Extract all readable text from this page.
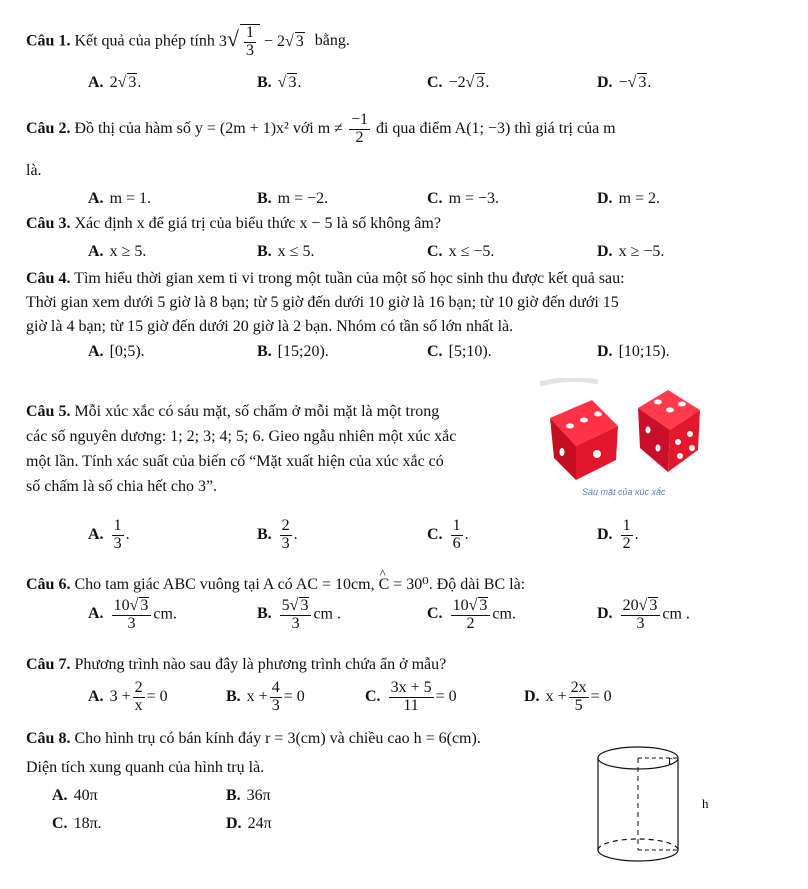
Câu 1. Kết quả của phép tính $3√ \frac{1}{3} - 2√$ 3 bằng.
A. 2√ 3.	B. √ 3.	C. −2√ 3.	D. −√ 3.
Câu 2. Đồ thị của hàm số y = (2m + 1)x² với $m \ne \frac{-1}{2}$ đi qua điểm A(1; −3) thì giá trị của m
là.
A. m = 1.	B. m = −2.	C. m = −3.	D. m = 2.
Câu 3. Xác định x để giá trị của biểu thức x − 5 là số không âm?
A. x ≥ 5.	B. x ≤ 5.	C. x ≤ −5.	D. x ≥ −5.
Câu 4. Tìm hiểu thời gian xem ti vi trong một tuần của một số học sinh thu được kết quả sau:
Thời gian xem dưới 5 giờ là 8 bạn; từ 5 giờ đến dưới 10 giờ là 16 bạn; từ 10 giờ đến dưới 15
giờ là 4 bạn; từ 15 giờ đến dưới 20 giờ là 2 bạn. Nhóm có tần số lớn nhất là.
A. [0;5).	B. [15;20).	C. [5;10).	D. [10;15).
Câu 5. Mỗi xúc xắc có sáu mặt, số chấm ở mỗi mặt là một trong
các số nguyên dương: 1; 2; 3; 4; 5; 6. Gieo ngẫu nhiên một xúc xắc
một lần. Tính xác suất của biến cố “Mặt xuất hiện của xúc xắc có
số chấm là số chia hết cho 3”.	Sáu mặt của xúc xắc
A. $\frac{1}{3}$ .	B. $\frac{2}{3}$ .	C. $\frac{1}{6}$ .	D. $\frac{1}{2}$ .
Câu 6. Cho tam giác ABC vuông tại A có AC = 10cm, ^ C = 30⁰. Độ dài BC là:
A. $\frac{10√ 3}{3}$ cm.	B. $\frac{5√ 3}{3}$ cm .	C. $\frac{10√ 3}{2}$ cm.	D. $\frac{20√ 3}{3}$ cm .
Câu 7. Phương trình nào sau đây là phương trình chứa ẩn ở mẫu?
A. $3 + \frac{2}{x} = 0$	B. $x + \frac{4}{3} = 0$	C. $\frac{3x + 5}{11} = 0$	D. $x + \frac{2x}{5} = 0$
Câu 8. Cho hình trụ có bán kính đáy r = 3(cm) và chiều cao h = 6(cm).
Diện tích xung quanh của hình trụ là.
A. 40π	B. 36π
C. 18π.	D. 24π
r
h
